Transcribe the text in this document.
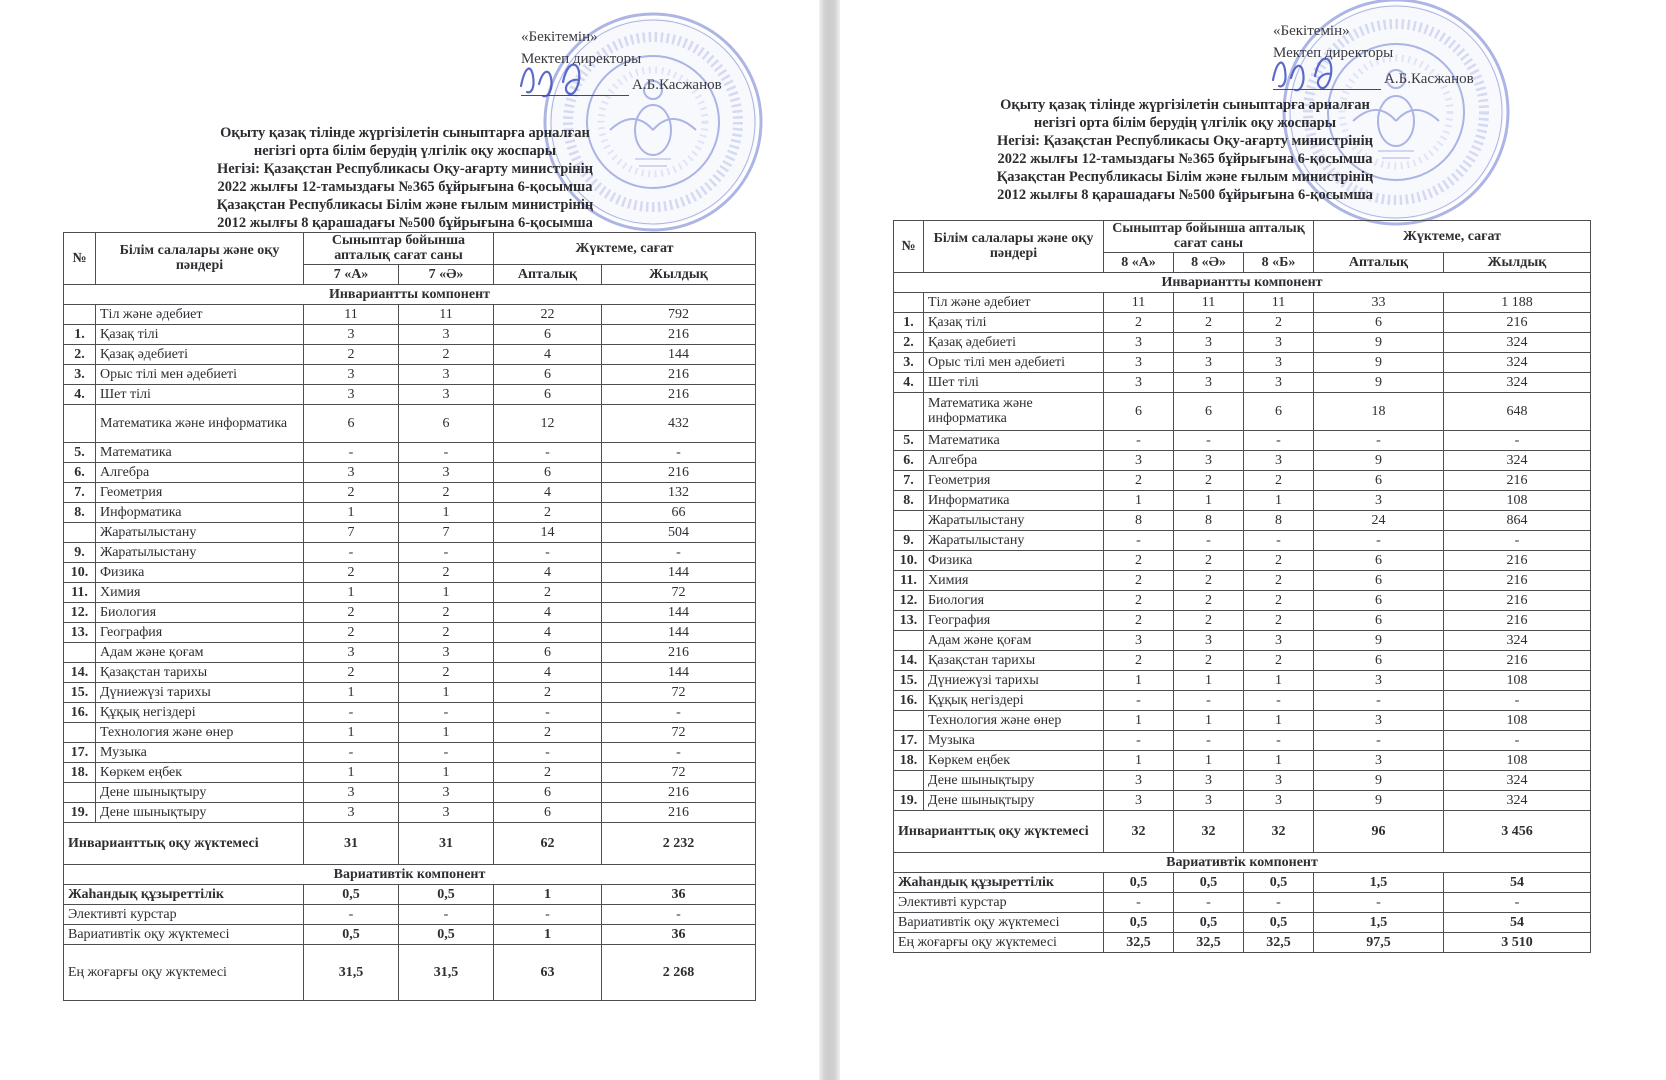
«Бекітемін»
Мектеп директоры
А.Б.Касжанов
Оқыту қазақ тілінде жүргізілетін сыныптарға арналған
негізгі орта білім берудің үлгілік оқу жоспары
Негізі: Қазақстан Республикасы Оқу-ағарту министрінің
2022 жылғы 12-тамыздағы №365 бұйрығына 6-қосымша
Қазақстан Республикасы Білім және ғылым министрінің
2012 жылғы 8 қарашадағы №500 бұйрығына 6-қосымша
№	Білім салалары және оқу пәндері	Сыныптар бойынша апталық сағат саны		Жүктеме, сағат	
		7 «А»	7 «Ә»	Апталық	Жылдық
Инвариантты компонент					
	Тіл және әдебиет	11	11	22	792
1.	Қазақ тілі	3	3	6	216
2.	Қазақ әдебиеті	2	2	4	144
3.	Орыс тілі мен әдебиеті	3	3	6	216
4.	Шет тілі	3	3	6	216
	Математика және информатика	6	6	12	432
5.	Математика	-	-	-	-
6.	Алгебра	3	3	6	216
7.	Геометрия	2	2	4	132
8.	Информатика	1	1	2	66
	Жаратылыстану	7	7	14	504
9.	Жаратылыстану	-	-	-	-
10.	Физика	2	2	4	144
11.	Химия	1	1	2	72
12.	Биология	2	2	4	144
13.	География	2	2	4	144
	Адам және қоғам	3	3	6	216
14.	Қазақстан тарихы	2	2	4	144
15.	Дүниежүзі тарихы	1	1	2	72
16.	Құқық негіздері	-	-	-	-
	Технология және өнер	1	1	2	72
17.	Музыка	-	-	-	-
18.	Көркем еңбек	1	1	2	72
	Дене шынықтыру	3	3	6	216
19.	Дене шынықтыру	3	3	6	216
Инварианттық оқу жүктемесі		31	31	62	2 232
Вариативтік компонент					
Жаһандық құзыреттілік		0,5	0,5	1	36
Элективті курстар		-	-	-	-
Вариативтік оқу жүктемесі		0,5	0,5	1	36
Ең жоғарғы оқу жүктемесі		31,5	31,5	63	2 268
«Бекітемін»
Мектеп директоры
А.Б.Касжанов
Оқыту қазақ тілінде жүргізілетін сыныптарға арналған
негізгі орта білім берудің үлгілік оқу жоспары
Негізі: Қазақстан Республикасы Оқу-ағарту министрінің
2022 жылғы 12-тамыздағы №365 бұйрығына 6-қосымша
Қазақстан Республикасы Білім және ғылым министрінің
2012 жылғы 8 қарашадағы №500 бұйрығына 6-қосымша
№	Білім салалары және оқу пәндері	Сыныптар бойынша апталық сағат саны			Жүктеме, сағат	
		8 «А»	8 «Ә»	8 «Б»	Апталық	Жылдық
Инвариантты компонент						
	Тіл және әдебиет	11	11	11	33	1 188
1.	Қазақ тілі	2	2	2	6	216
2.	Қазақ әдебиеті	3	3	3	9	324
3.	Орыс тілі мен әдебиеті	3	3	3	9	324
4.	Шет тілі	3	3	3	9	324
	Математика және информатика	6	6	6	18	648
5.	Математика	-	-	-	-	-
6.	Алгебра	3	3	3	9	324
7.	Геометрия	2	2	2	6	216
8.	Информатика	1	1	1	3	108
	Жаратылыстану	8	8	8	24	864
9.	Жаратылыстану	-	-	-	-	-
10.	Физика	2	2	2	6	216
11.	Химия	2	2	2	6	216
12.	Биология	2	2	2	6	216
13.	География	2	2	2	6	216
	Адам және қоғам	3	3	3	9	324
14.	Қазақстан тарихы	2	2	2	6	216
15.	Дүниежүзі тарихы	1	1	1	3	108
16.	Құқық негіздері	-	-	-	-	-
	Технология және өнер	1	1	1	3	108
17.	Музыка	-	-	-	-	-
18.	Көркем еңбек	1	1	1	3	108
	Дене шынықтыру	3	3	3	9	324
19.	Дене шынықтыру	3	3	3	9	324
Инварианттық оқу жүктемесі		32	32	32	96	3 456
Вариативтік компонент						
Жаһандық құзыреттілік		0,5	0,5	0,5	1,5	54
Элективті курстар		-	-	-	-	-
Вариативтік оқу жүктемесі		0,5	0,5	0,5	1,5	54
Ең жоғарғы оқу жүктемесі		32,5	32,5	32,5	97,5	3 510
